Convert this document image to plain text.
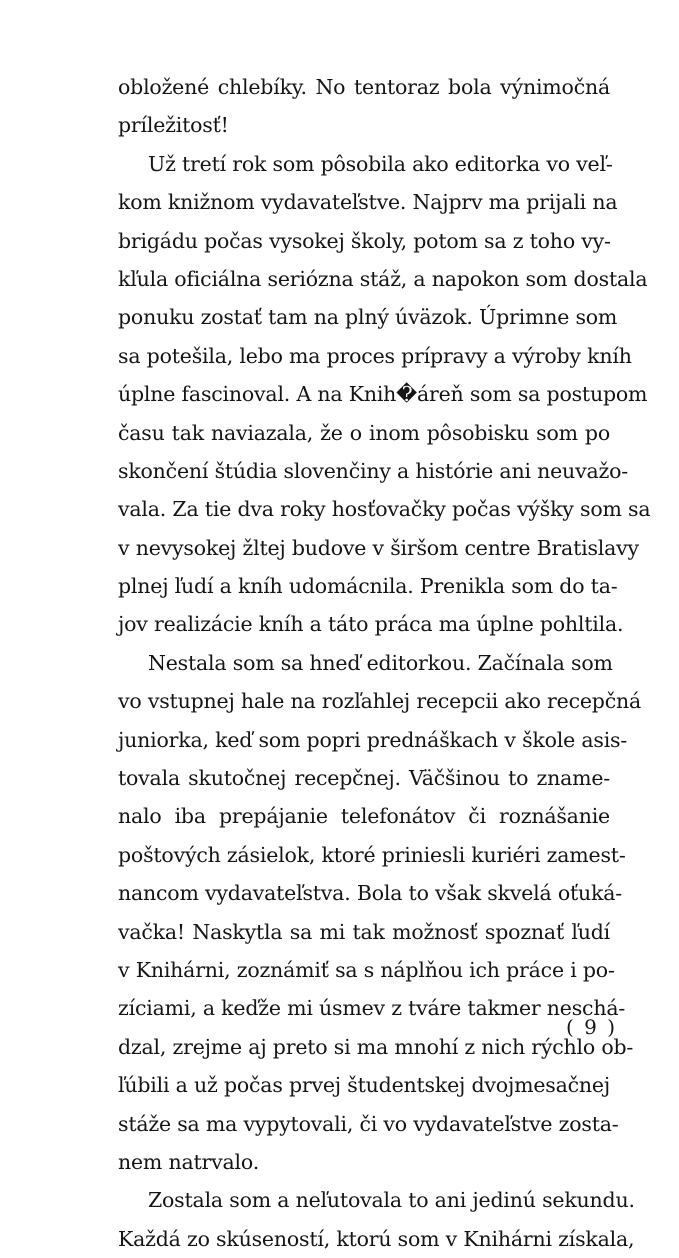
obložené chlebíky. No tentoraz bola výnimočná
príležitosť!
Už tretí rok som pôsobila ako editorka vo veľ-
kom knižnom vydavateľstve. Najprv ma prijali na
brigádu počas vysokej školy, potom sa z toho vy-
kľula oficiálna seriózna stáž, a napokon som dostala
ponuku zostať tam na plný úväzok. Úprimne som
sa potešila, lebo ma proces prípravy a výroby kníh
úplne fascinoval. A na Knih�áreň som sa postupom
času tak naviazala, že o inom pôsobisku som po
skončení štúdia slovenčiny a histórie ani neuvažo-
vala. Za tie dva roky hosťovačky počas výšky som sa
v nevysokej žltej budove v širšom centre Bratislavy
plnej ľudí a kníh udomácnila. Prenikla som do ta-
jov realizácie kníh a táto práca ma úplne pohltila.
Nestala som sa hneď editorkou. Začínala som
vo vstupnej hale na rozľahlej recepcii ako recepčná
juniorka, keď som popri prednáškach v škole asis-
tovala skutočnej recepčnej. Väčšinou to zname-
nalo iba prepájanie telefonátov či roznášanie
poštových zásielok, ktoré priniesli kuriéri zamest-
nancom vydavateľstva. Bola to však skvelá oťuká-
vačka! Naskytla sa mi tak možnosť spoznať ľudí
v Knihárni, zoznámiť sa s náplňou ich práce i po-
zíciami, a keďže mi úsmev z tváre takmer neschá-
dzal, zrejme aj preto si ma mnohí z nich rýchlo ob-
ľúbili a už počas prvej študentskej dvojmesačnej
stáže sa ma vypytovali, či vo vydavateľstve zosta-
nem natrvalo.
Zostala som a neľutovala to ani jedinú sekundu.
Každá zo skúseností, ktorú som v Knihárni získala,
( 9 )
